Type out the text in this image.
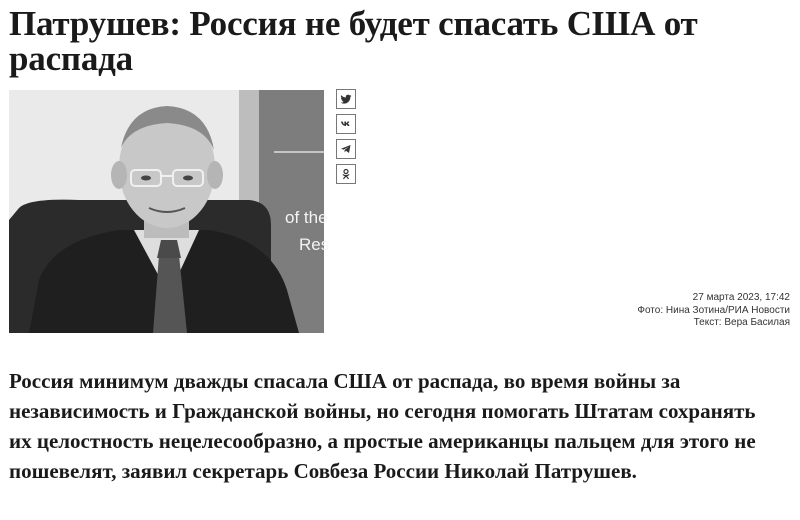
Патрушев: Россия не будет спасать США от распада
of the
Res
27 марта 2023, 17:42
Фото: Нина Зотина/РИА Новости
Текст: Вера Басилая

Россия минимум дважды спасала США от распада, во время войны за независимость и Гражданской войны, но сегодня помогать Штатам сохранять их целостность нецелесообразно, а простые американцы пальцем для этого не пошевелят, заявил секретарь Совбеза России Николай Патрушев.
